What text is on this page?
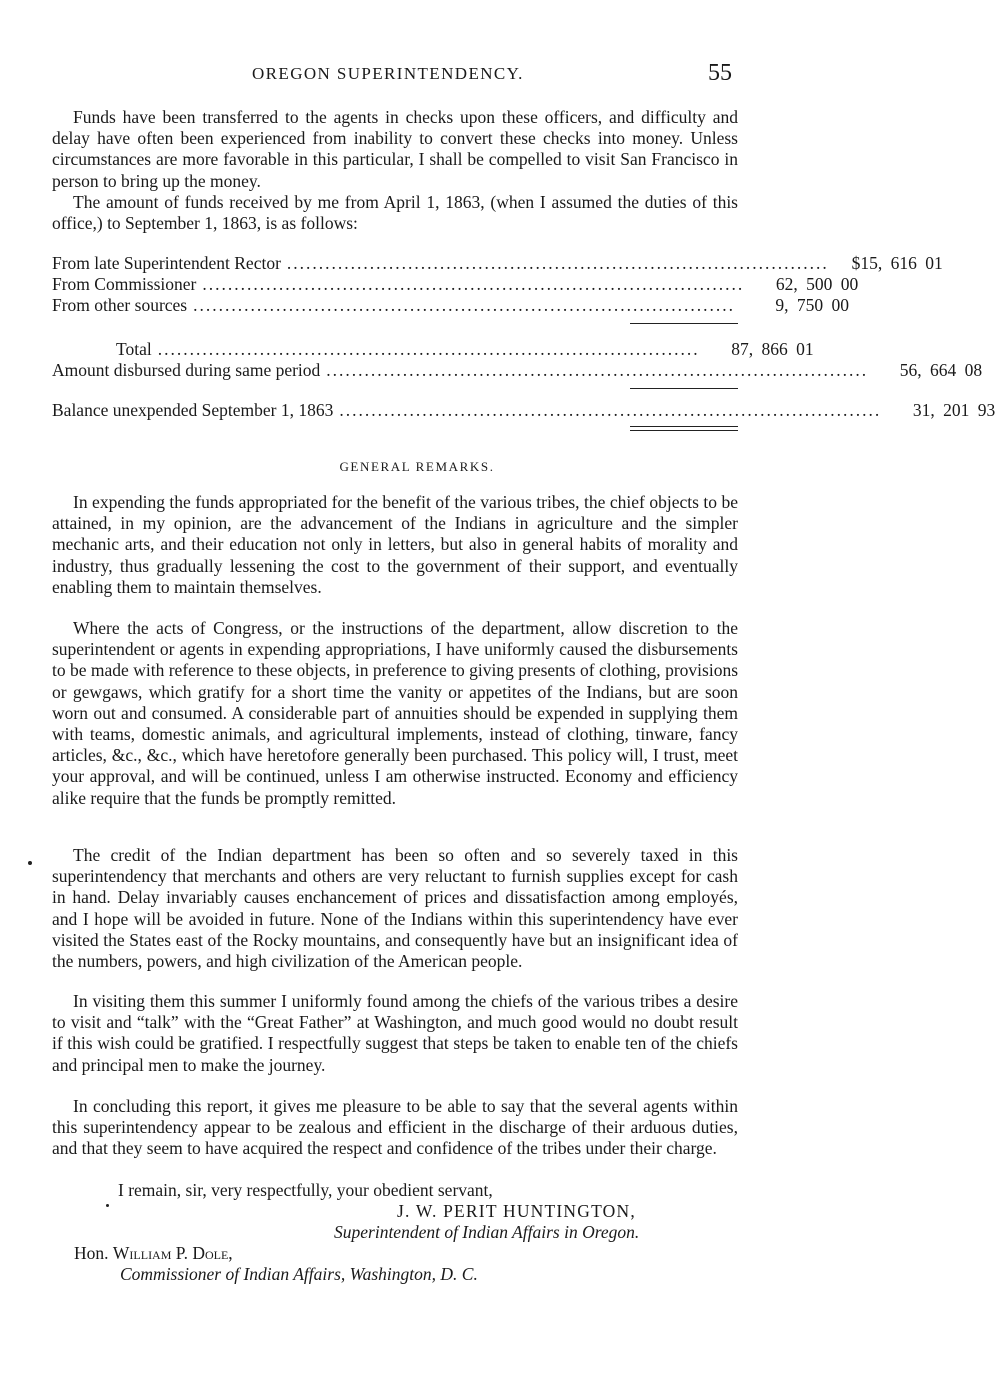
OREGON SUPERINTENDENCY.	55

Funds have been transferred to the agents in checks upon these officers, and difficulty and delay have often been experienced from inability to convert these checks into money. Unless circumstances are more favorable in this particular, I shall be compelled to visit San Francisco in person to bring up the money.

The amount of funds received by me from April 1, 1863, (when I assumed the duties of this office,) to September 1, 1863, is as follows:

From late Superintendent Rector .....................................................................................	$15, 616 01
From Commissioner .....................................................................................	62, 500 00
From other sources .....................................................................................	9, 750 00
Total .....................................................................................	87, 866 01
Amount disbursed during same period .....................................................................................	56, 664 08
Balance unexpended September 1, 1863 .....................................................................................	31, 201 93
GENERAL REMARKS.

In expending the funds appropriated for the benefit of the various tribes, the chief objects to be attained, in my opinion, are the advancement of the Indians in agriculture and the simpler mechanic arts, and their education not only in letters, but also in general habits of morality and industry, thus gradually lessening the cost to the government of their support, and eventually enabling them to maintain themselves.

Where the acts of Congress, or the instructions of the department, allow discretion to the superintendent or agents in expending appropriations, I have uniformly caused the disbursements to be made with reference to these objects, in preference to giving presents of clothing, provisions or gewgaws, which gratify for a short time the vanity or appetites of the Indians, but are soon worn out and consumed. A considerable part of annuities should be expended in supplying them with teams, domestic animals, and agricultural implements, instead of clothing, tinware, fancy articles, &c., &c., which have heretofore generally been purchased. This policy will, I trust, meet your approval, and will be continued, unless I am otherwise instructed. Economy and efficiency alike require that the funds be promptly remitted.

The credit of the Indian department has been so often and so severely taxed in this superintendency that merchants and others are very reluctant to furnish supplies except for cash in hand. Delay invariably causes enchancement of prices and dissatisfaction among employés, and I hope will be avoided in future. None of the Indians within this superintendency have ever visited the States east of the Rocky mountains, and consequently have but an insignificant idea of the numbers, powers, and high civilization of the American people.

In visiting them this summer I uniformly found among the chiefs of the various tribes a desire to visit and “talk” with the “Great Father” at Washington, and much good would no doubt result if this wish could be gratified. I respectfully suggest that steps be taken to enable ten of the chiefs and principal men to make the journey.

In concluding this report, it gives me pleasure to be able to say that the several agents within this superintendency appear to be zealous and efficient in the discharge of their arduous duties, and that they seem to have acquired the respect and confidence of the tribes under their charge.

I remain, sir, very respectfully, your obedient servant,
J. W. PERIT HUNTINGTON,
Superintendent of Indian Affairs in Oregon.
Hon. William P. Dole,
Commissioner of Indian Affairs, Washington, D. C.
